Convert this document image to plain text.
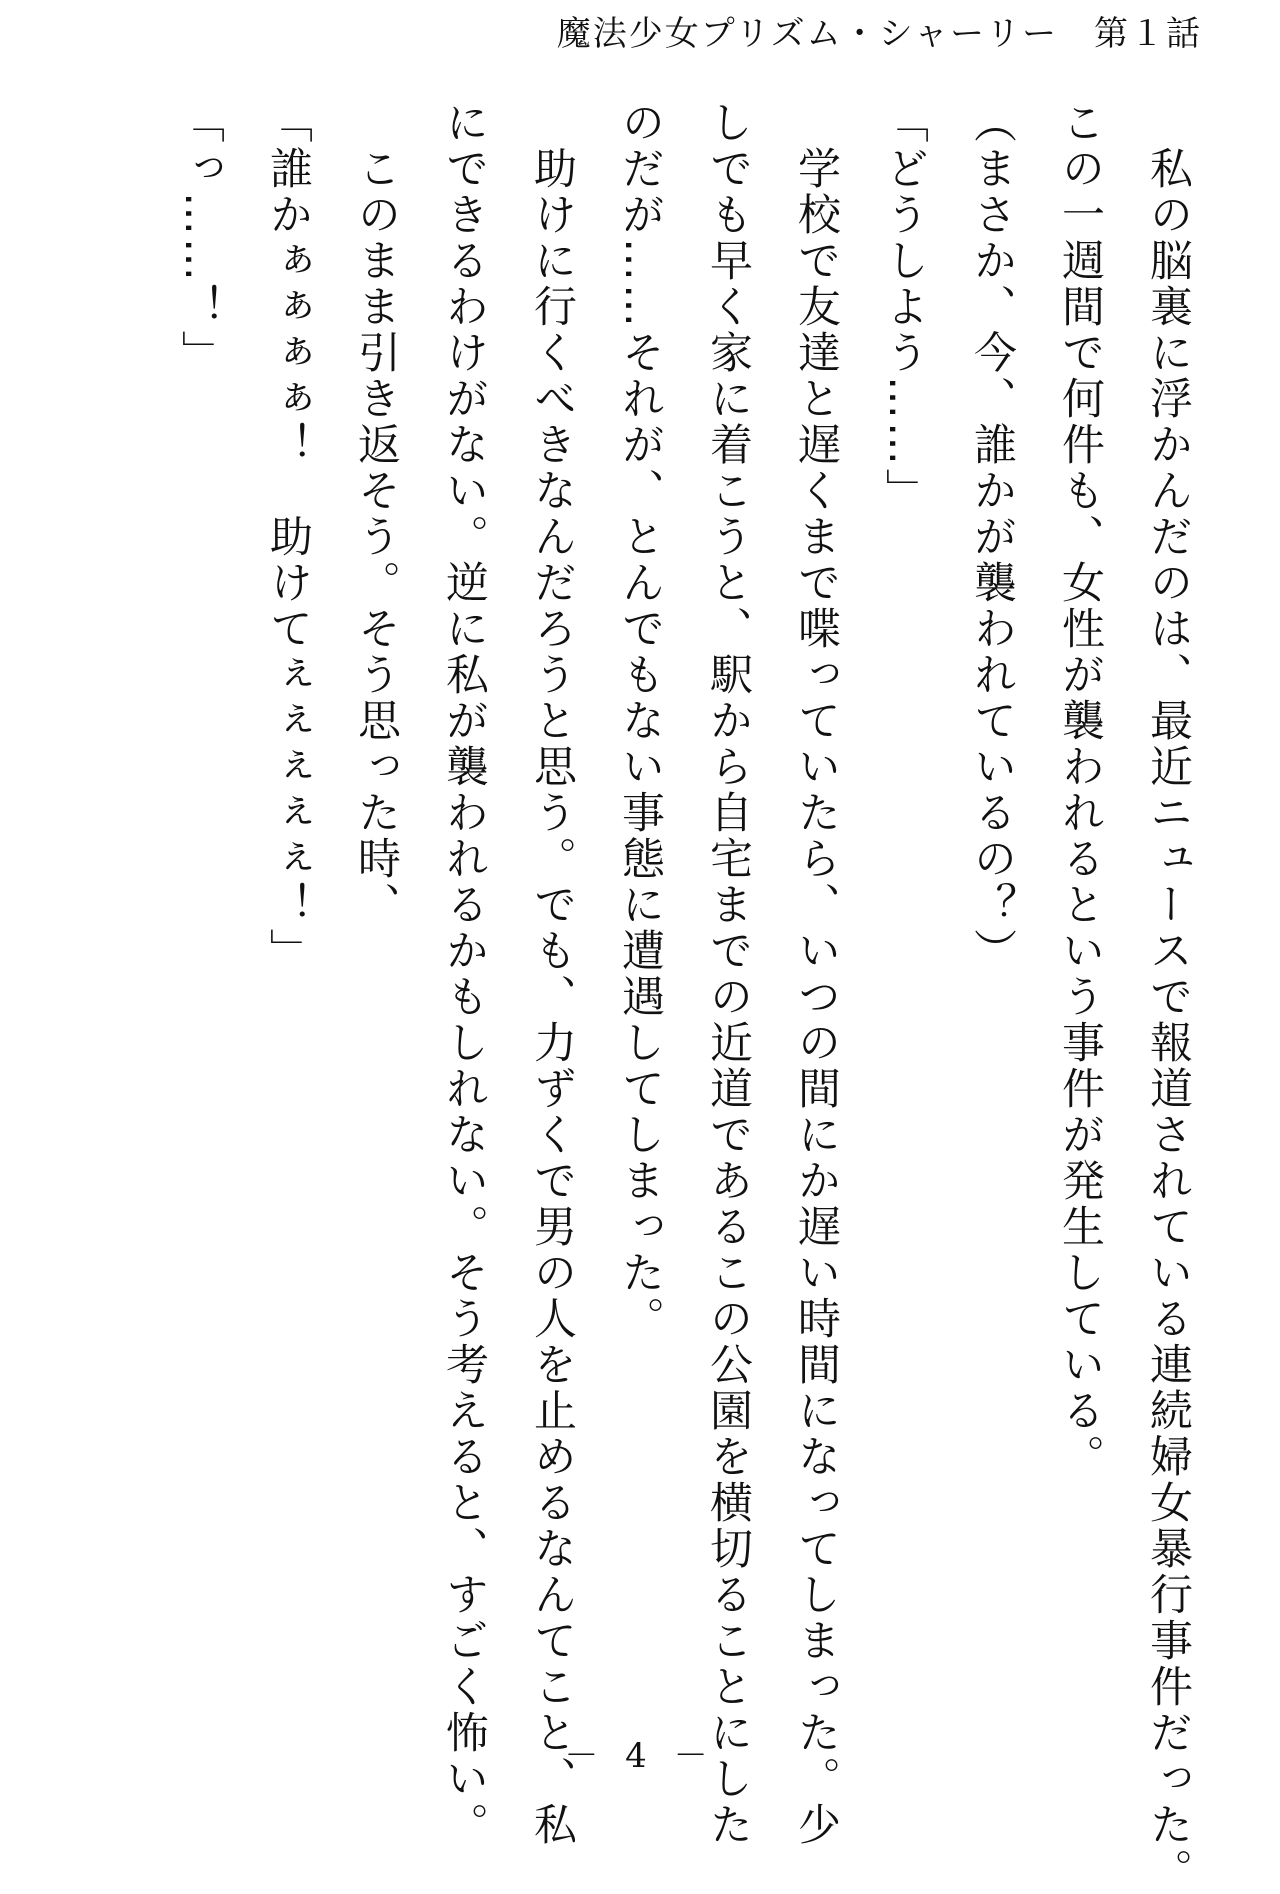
魔法少女プリズム・シャーリー　第１話
　私の脳裏に浮かんだのは、最近ニュースで報道されている連続婦女暴行事件だった。
この一週間で何件も、女性が襲われるという事件が発生している。
（まさか、今、誰かが襲われているの？）
「どうしよう……」
　学校で友達と遅くまで喋っていたら、いつの間にか遅い時間になってしまった。少
しでも早く家に着こうと、駅から自宅までの近道であるこの公園を横切ることにした
のだが……それが、とんでもない事態に遭遇してしまった。
　助けに行くべきなんだろうと思う。でも、力ずくで男の人を止めるなんてこと、私
にできるわけがない。逆に私が襲われるかもしれない。そう考えると、すごく怖い。
　このまま引き返そう。そう思った時、
「誰かぁぁぁぁ！　助けてぇぇぇぇぇ！」
「っ……！」
－ 4 －
